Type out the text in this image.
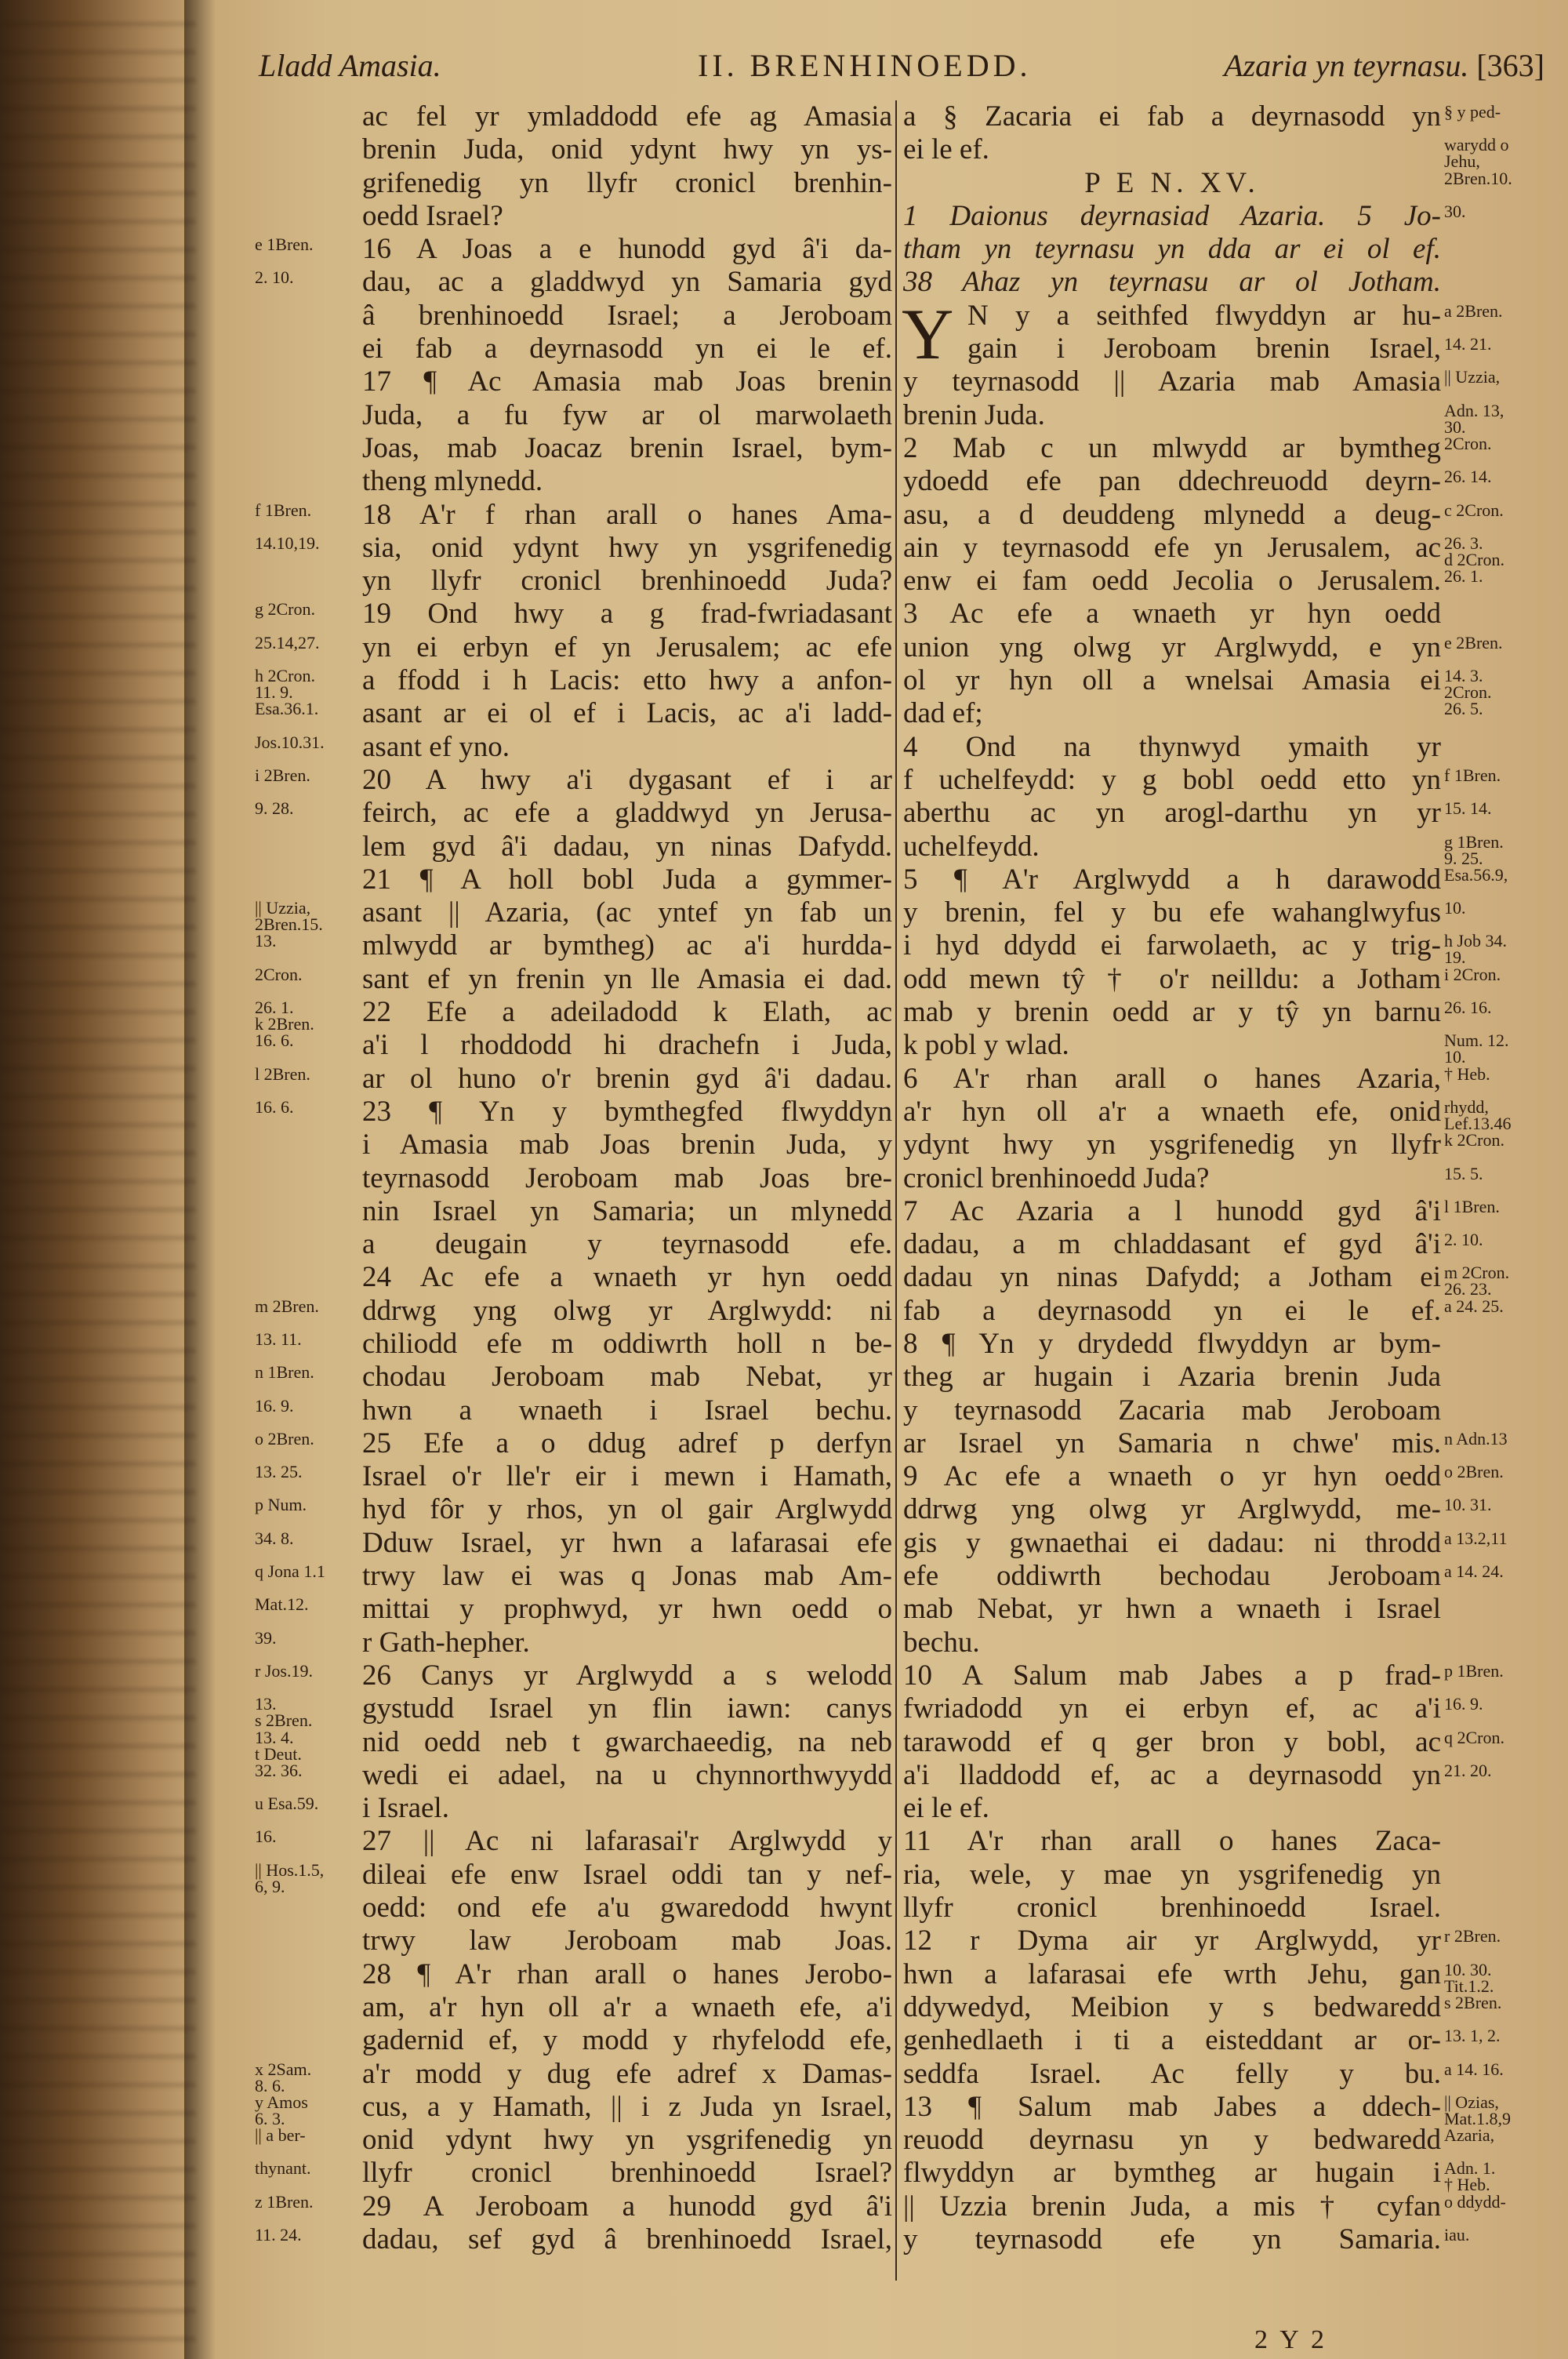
Lladd Amasia.	II. BRENHINOEDD.	Azaria yn teyrnasu. [363]
ac fel yr ymladdodd efe ag Amasia
brenin Juda, onid ydynt hwy yn ys-
grifenedig yn llyfr cronicl brenhin-
oedd Israel?
e 1Bren.	16 A Joas a e hunodd gyd â'i da-
2. 10.	dau, ac a gladdwyd yn Samaria gyd
â brenhinoedd Israel; a Jeroboam
ei fab a deyrnasodd yn ei le ef.
17 ¶ Ac Amasia mab Joas brenin
Juda, a fu fyw ar ol marwolaeth
Joas, mab Joacaz brenin Israel, bym-
theng mlynedd.
f 1Bren.	18 A'r f rhan arall o hanes Ama-
14.10,19.	sia, onid ydynt hwy yn ysgrifenedig
yn llyfr cronicl brenhinoedd Juda?
g 2Cron.	19 Ond hwy a g frad-fwriadasant
25.14,27.	yn ei erbyn ef yn Jerusalem; ac efe
h 2Cron.
11. 9.	a ffodd i h Lacis: etto hwy a anfon-
Esa.36.1.	asant ar ei ol ef i Lacis, ac a'i ladd-
Jos.10.31.	asant ef yno.
i 2Bren.	20 A hwy a'i dygasant ef i ar
9. 28.	feirch, ac efe a gladdwyd yn Jerusa-
lem gyd â'i dadau, yn ninas Dafydd.
21 ¶ A holl bobl Juda a gymmer-
|| Uzzia,
2Bren.15.	asant || Azaria, (ac yntef yn fab un
13.	mlwydd ar bymtheg) ac a'i hurdda-
2Cron.	sant ef yn frenin yn lle Amasia ei dad.
26. 1.
k 2Bren.	22 Efe a adeiladodd k Elath, ac
16. 6.	a'i l rhoddodd hi drachefn i Juda,
l 2Bren.	ar ol huno o'r brenin gyd â'i dadau.
16. 6.	23 ¶ Yn y bymthegfed flwyddyn
i Amasia mab Joas brenin Juda, y
teyrnasodd Jeroboam mab Joas bre-
nin Israel yn Samaria; un mlynedd
a deugain y teyrnasodd efe.
24 Ac efe a wnaeth yr hyn oedd
m 2Bren.	ddrwg yng olwg yr Arglwydd: ni
13. 11.	chiliodd efe m oddiwrth holl n be-
n 1Bren.	chodau Jeroboam mab Nebat, yr
16. 9.	hwn a wnaeth i Israel bechu.
o 2Bren.	25 Efe a o ddug adref p derfyn
13. 25.	Israel o'r lle'r eir i mewn i Hamath,
p Num.	hyd fôr y rhos, yn ol gair Arglwydd
34. 8.	Dduw Israel, yr hwn a lafarasai efe
q Jona 1.1	trwy law ei was q Jonas mab Am-
Mat.12.	mittai y prophwyd, yr hwn oedd o
39.	r Gath-hepher.
r Jos.19.	26 Canys yr Arglwydd a s welodd
13.
s 2Bren.	gystudd Israel yn flin iawn: canys
13. 4.
t Deut.	nid oedd neb t gwarchaeedig, na neb
32. 36.	wedi ei adael, na u chynnorthwyydd
u Esa.59.	i Israel.
16.	27 || Ac ni lafarasai'r Arglwydd y
|| Hos.1.5,
6, 9.	dileai efe enw Israel oddi tan y nef-
oedd: ond efe a'u gwaredodd hwynt
trwy law Jeroboam mab Joas.
28 ¶ A'r rhan arall o hanes Jerobo-
am, a'r hyn oll a'r a wnaeth efe, a'i
gadernid ef, y modd y rhyfelodd efe,
x 2Sam.
8. 6.	a'r modd y dug efe adref x Damas-
y Amos
6. 3.	cus, a y Hamath, || i z Juda yn Israel,
|| a ber-	onid ydynt hwy yn ysgrifenedig yn
thynant.	llyfr cronicl brenhinoedd Israel?
z 1Bren.	29 A Jeroboam a hunodd gyd â'i
11. 24.	dadau, sef gyd â brenhinoedd Israel,
§ y ped-
a § Zacaria ei fab a deyrnasodd yn
warydd o
Jehu,
ei le ef.
2Bren.10.
P E N. XV.
30.
1 Daionus deyrnasiad Azaria. 5 Jo-
tham yn teyrnasu yn dda ar ei ol ef.
38 Ahaz yn teyrnasu ar ol Jotham.
Y	a 2Bren.
N y a seithfed flwyddyn ar hu-
14. 21.
gain i Jeroboam brenin Israel,
|| Uzzia,
y teyrnasodd || Azaria mab Amasia
Adn. 13,
30.
brenin Juda.
2Cron.
2 Mab c un mlwydd ar bymtheg
26. 14.
ydoedd efe pan ddechreuodd deyrn-
c 2Cron.
asu, a d deuddeng mlynedd a deug-
26. 3.
d 2Cron.
ain y teyrnasodd efe yn Jerusalem, ac
26. 1.
enw ei fam oedd Jecolia o Jerusalem.
3 Ac efe a wnaeth yr hyn oedd
e 2Bren.
union yng olwg yr Arglwydd, e yn
14. 3.
2Cron.
ol yr hyn oll a wnelsai Amasia ei
26. 5.
dad ef;
4 Ond na thynwyd ymaith yr
f 1Bren.
f uchelfeydd: y g bobl oedd etto yn
15. 14.
aberthu ac yn arogl-darthu yn yr
g 1Bren.
9. 25.
uchelfeydd.
Esa.56.9,
5 ¶ A'r Arglwydd a h darawodd
10.
y brenin, fel y bu efe wahanglwyfus
h Job 34.
19.
i hyd ddydd ei farwolaeth, ac y trig-
i 2Cron.
odd mewn tŷ † o'r neilldu: a Jotham
26. 16.
mab y brenin oedd ar y tŷ yn barnu
Num. 12.
10.
k pobl y wlad.
† Heb.
6 A'r rhan arall o hanes Azaria,
rhydd,
Lef.13.46
a'r hyn oll a'r a wnaeth efe, onid
k 2Cron.
ydynt hwy yn ysgrifenedig yn llyfr
15. 5.
cronicl brenhinoedd Juda?
l 1Bren.
7 Ac Azaria a l hunodd gyd â'i
2. 10.
dadau, a m chladdasant ef gyd â'i
m 2Cron.
26. 23.
dadau yn ninas Dafydd; a Jotham ei
a 24. 25.
fab a deyrnasodd yn ei le ef.
8 ¶ Yn y drydedd flwyddyn ar bym-
theg ar hugain i Azaria brenin Juda
y teyrnasodd Zacaria mab Jeroboam
n Adn.13
ar Israel yn Samaria n chwe' mis.
o 2Bren.
9 Ac efe a wnaeth o yr hyn oedd
10. 31.
ddrwg yng olwg yr Arglwydd, me-
a 13.2,11
gis y gwnaethai ei dadau: ni throdd
a 14. 24.
efe oddiwrth bechodau Jeroboam
mab Nebat, yr hwn a wnaeth i Israel
bechu.
p 1Bren.
10 A Salum mab Jabes a p frad-
16. 9.
fwriadodd yn ei erbyn ef, ac a'i
q 2Cron.
tarawodd ef q ger bron y bobl, ac
21. 20.
a'i lladdodd ef, ac a deyrnasodd yn
ei le ef.
11 A'r rhan arall o hanes Zaca-
ria, wele, y mae yn ysgrifenedig yn
llyfr cronicl brenhinoedd Israel.
r 2Bren.
12 r Dyma air yr Arglwydd, yr
10. 30.
Tit.1.2.
hwn a lafarasai efe wrth Jehu, gan
s 2Bren.
ddywedyd, Meibion y s bedwaredd
13. 1, 2.
genhedlaeth i ti a eisteddant ar or-
a 14. 16.
seddfa Israel. Ac felly y bu.
|| Ozias,
Mat.1.8,9
13 ¶ Salum mab Jabes a ddech-
Azaria,
reuodd deyrnasu yn y bedwaredd
Adn. 1.
† Heb.
flwyddyn ar bymtheg ar hugain i
o ddydd-
|| Uzzia brenin Juda, a mis † cyfan
iau.
y teyrnasodd efe yn Samaria.
2 Y 2
